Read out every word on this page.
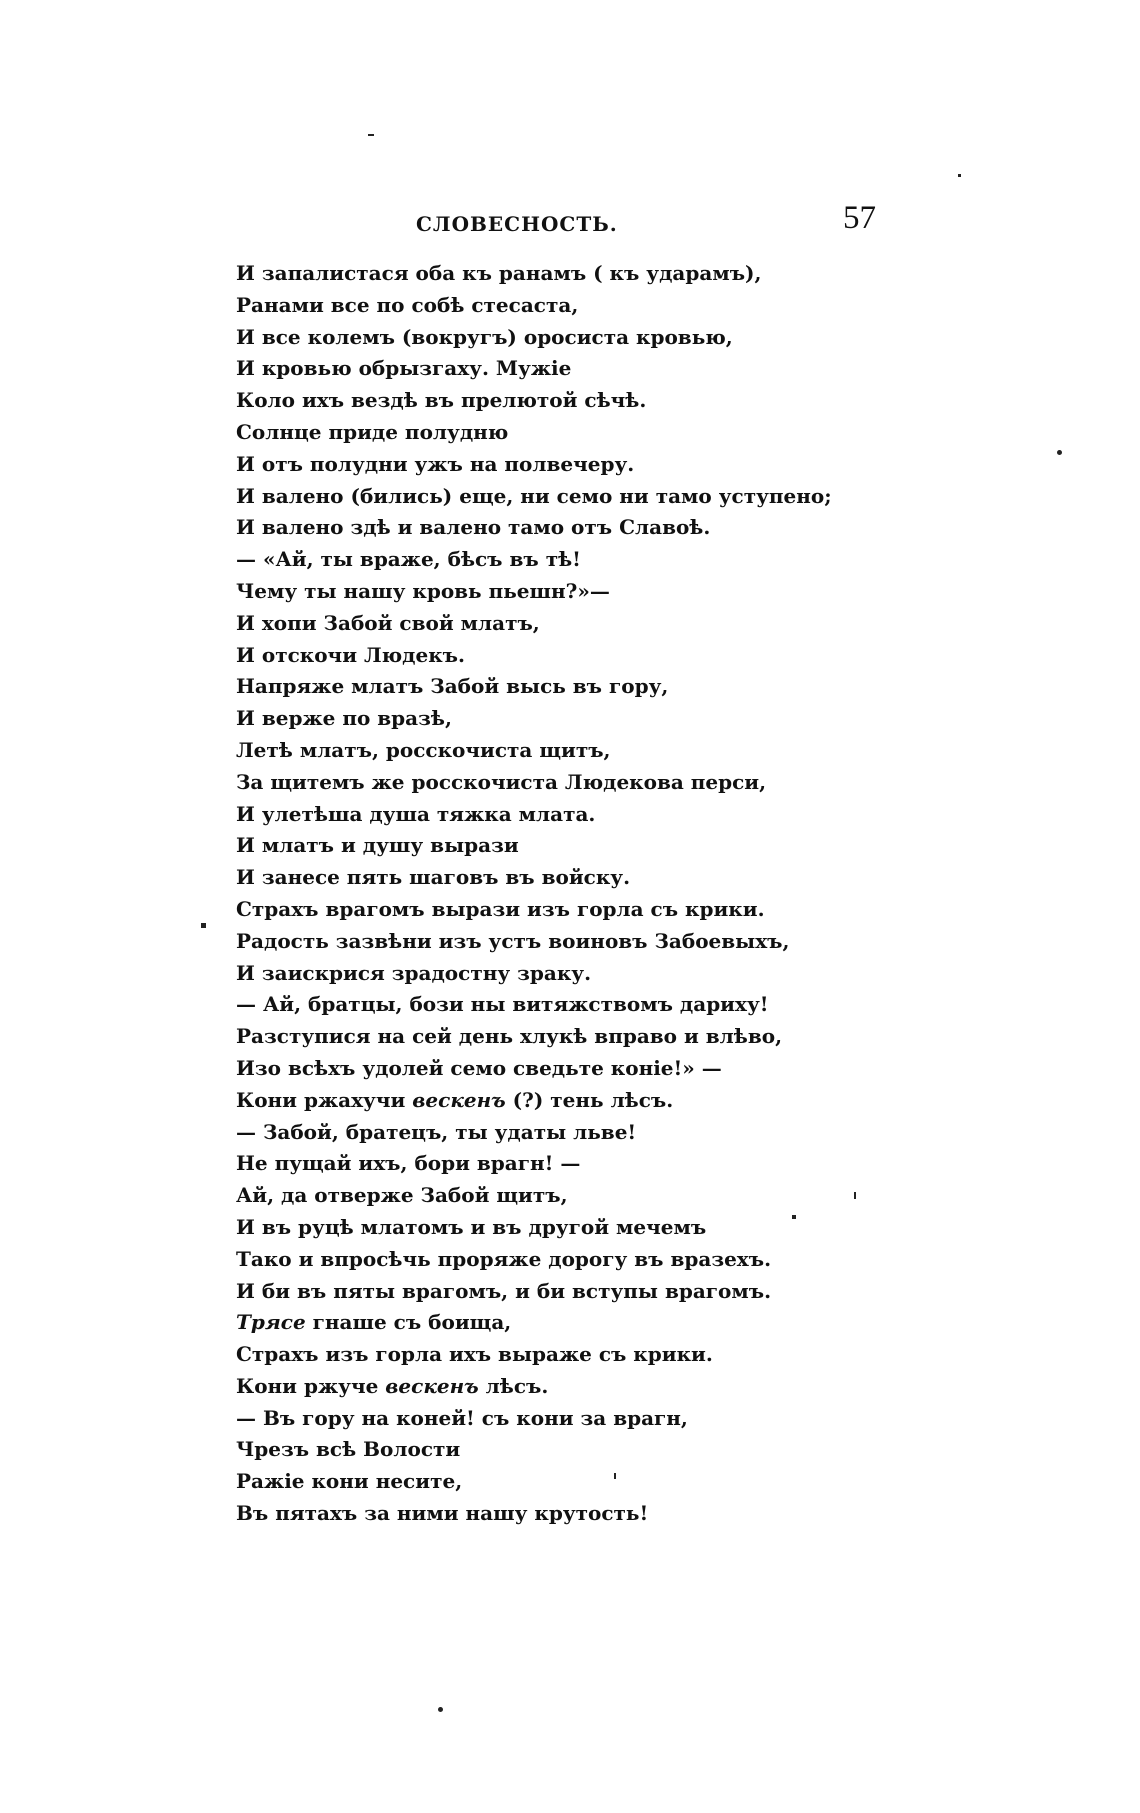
СЛОВЕСНОСТЬ.	57
И запалистася оба къ ранамъ ( къ ударамъ),
Ранами все по собѣ стесаста,
И все колемъ (вокругъ) оросиста кровью,
И кровью обрызгаху. Мужіе
Коло ихъ вездѣ въ прелютой сѣчѣ.
Солнце приде полудню
И отъ полудни ужъ на полвечеру.
И валено (бились) еще, ни семо ни тамо уступено;
И валено здѣ и валено тамо отъ Славоѣ.
— «Ай, ты враже, бѣсъ въ тѣ!
Чему ты нашу кровь пьешн?»—
И хопи Забой свой млатъ,
И отскочи Людекъ.
Напряже млатъ Забой высь въ гору,
И верже по вразѣ,
Летѣ млатъ, росскочиста щитъ,
За щитемъ же росскочиста Людекова перси,
И улетѣша душа тяжка млата.
И млатъ и душу вырази
И занесе пять шаговъ въ войску.
Страхъ врагомъ вырази изъ горла съ крики.
Радость зазвѣни изъ устъ воиновъ Забоевыхъ,
И заискрися зрадостну зраку.
— Ай, братцы, бози ны витяжствомъ дариху!
Разступися на сей день хлукѣ вправо и влѣво,
Изо всѣхъ удолей семо сведьте коніе!» —
Кони ржахучи вескенъ (?) тень лѣсъ.
— Забой, братецъ, ты удаты льве!
Не пущай ихъ, бори врагн! —
Ай, да отверже Забой щитъ,
И въ руцѣ млатомъ и въ другой мечемъ
Тако и впросѣчь проряже дорогу въ вразехъ.
И би въ пяты врагомъ, и би вступы врагомъ.
Трясе гнаше съ боища,
Страхъ изъ горла ихъ выраже съ крики.
Кони ржуче вескенъ лѣсъ.
— Въ гору на коней! съ кони за врагн,
Чрезъ всѣ Волости
Ражіе кони несите,
Въ пятахъ за ними нашу крутость!
